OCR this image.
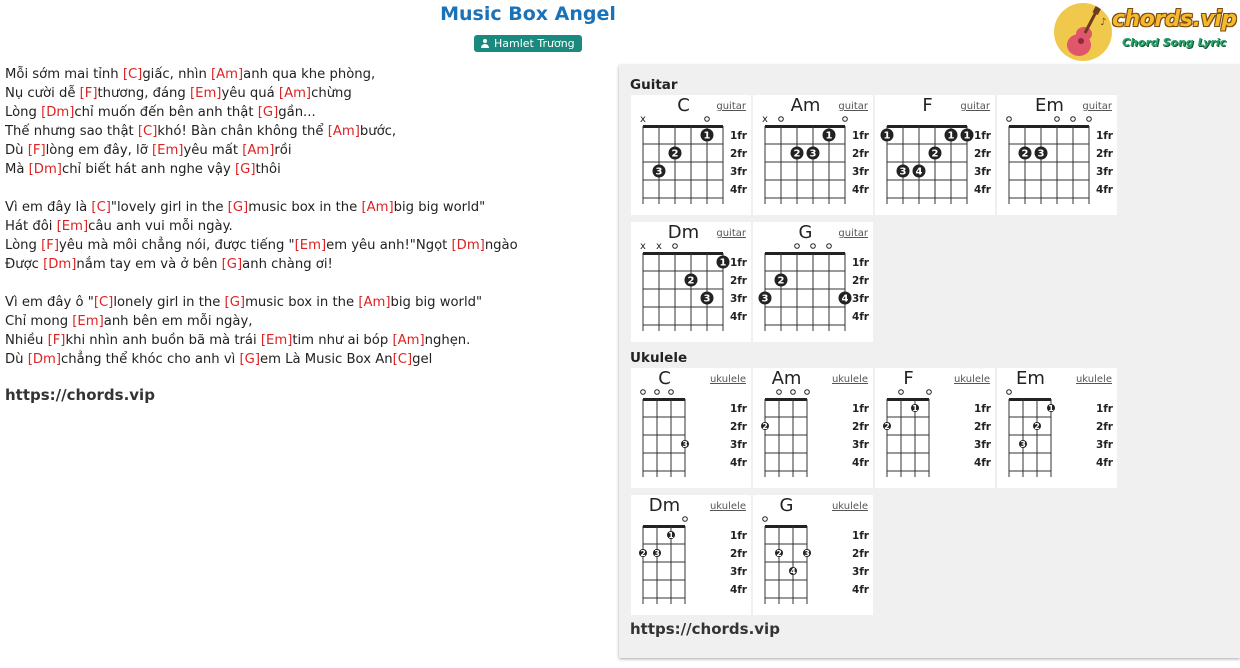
Music Box Angel
Hamlet Trương
♪ chords.vip
Chord Song Lyric
Mỗi sớm mai tỉnh [C]giấc, nhìn [Am]anh qua khe phòng,
Nụ cười dễ [F]thương, đáng [Em]yêu quá [Am]chừng
Lòng [Dm]chỉ muốn đến bên anh thật [G]gần...
Thế nhưng sao thật [C]khó! Bàn chân không thể [Am]bước,
Dù [F]lòng em đây, lỡ [Em]yêu mất [Am]rồi
Mà [Dm]chỉ biết hát anh nghe vậy [G]thôi
Vì em đây là [C]"lovely girl in the [G]music box in the [Am]big big world"
Hát đôi [Em]câu anh vui mỗi ngày.
Lòng [F]yêu mà môi chẳng nói, được tiếng "[Em]em yêu anh!"Ngọt [Dm]ngào
Được [Dm]nắm tay em và ở bên [G]anh chàng ơi!
Vì em đây ô "[C]lonely girl in the [G]music box in the [Am]big big world"
Chỉ mong [Em]anh bên em mỗi ngày,
Nhiều [F]khi nhìn anh buồn bã mà trái [Em]tim như ai bóp [Am]nghẹn.
Dù [Dm]chẳng thể khóc cho anh vì [G]em Là Music Box An[C]gel
https://chords.vip
Guitar
x
1
2
3
1fr
2fr
3fr
4fr
C	guitar
x
1
2 3
1fr
2fr
3fr
4fr
Am	guitar
1	1 1
2
3 4
1fr
2fr
3fr
4fr
F	guitar
2 3
1fr
2fr
3fr
4fr
Em	guitar
x x
1
2
3
1fr
2fr
3fr
4fr
Dm	guitar
2
3	4
1fr
2fr
3fr
4fr
G	guitar
Ukulele
3
1fr
2fr
3fr
4fr
C	ukulele
2
1fr
2fr
3fr
4fr
Am	ukulele
1
2
1fr
2fr
3fr
4fr
F	ukulele
1
2
3
1fr
2fr
3fr
4fr
Em	ukulele
1
2 3
1fr
2fr
3fr
4fr
Dm	ukulele
2	3
4
1fr
2fr
3fr
4fr
G	ukulele
https://chords.vip
